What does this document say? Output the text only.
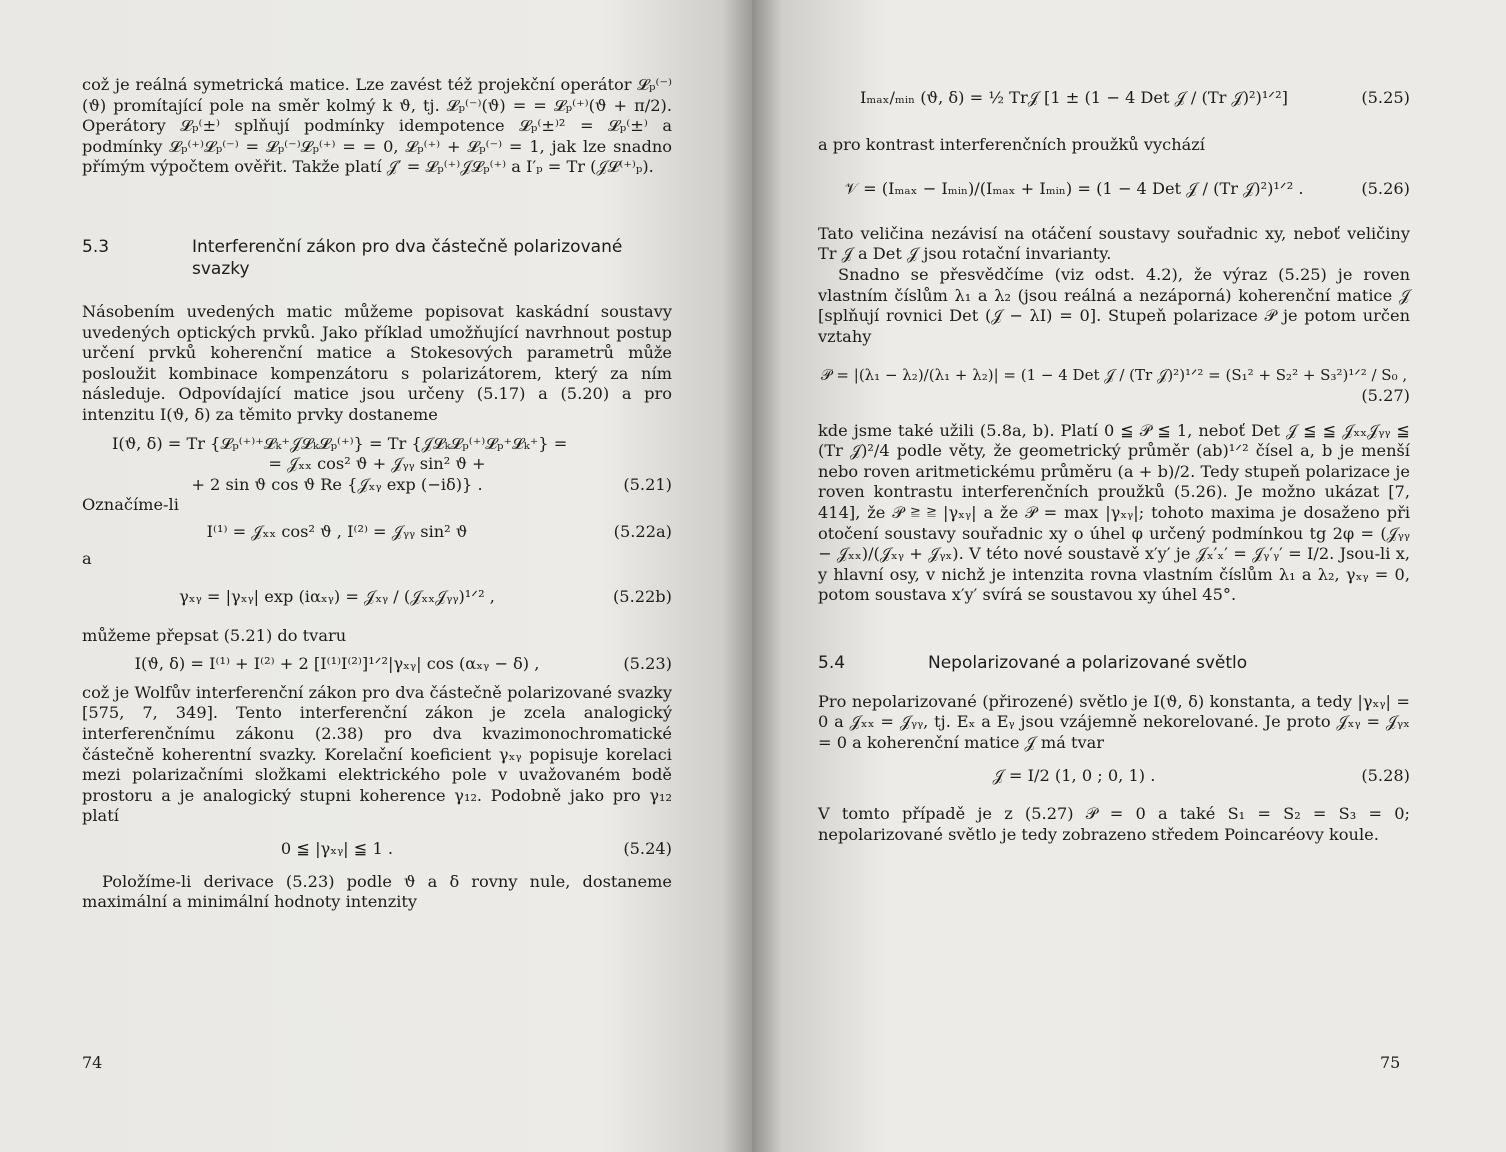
což je reálná symetrická matice. Lze zavést též projekční operátor 𝓛ₚ⁽⁻⁾(ϑ) promítající pole na směr kolmý k ϑ, tj. 𝓛ₚ⁽⁻⁾(ϑ) = = 𝓛ₚ⁽⁺⁾(ϑ + π/2). Operátory 𝓛ₚ⁽±⁾ splňují podmínky idempotence 𝓛ₚ⁽±⁾² = 𝓛ₚ⁽±⁾ a podmínky 𝓛ₚ⁽⁺⁾𝓛ₚ⁽⁻⁾ = 𝓛ₚ⁽⁻⁾𝓛ₚ⁽⁺⁾ = = 0, 𝓛ₚ⁽⁺⁾ + 𝓛ₚ⁽⁻⁾ = 1, jak lze snadno přímým výpočtem ověřit. Takže platí 𝒥′ = 𝓛ₚ⁽⁺⁾𝒥𝓛ₚ⁽⁺⁾ a I′ₚ = Tr (𝒥𝓛⁽⁺⁾ₚ).

5.3	Interferenční zákon pro dva částečně polarizované svazky

Násobením uvedených matic můžeme popisovat kaskádní soustavy uvedených optických prvků. Jako příklad umožňující navrhnout postup určení prvků koherenční matice a Stokesových parametrů může posloužit kombinace kompenzátoru s polarizátorem, který za ním následuje. Odpovídající matice jsou určeny (5.17) a (5.20) a pro intenzitu I(ϑ, δ) za těmito prvky dostaneme

I(ϑ, δ) = Tr {𝓛ₚ⁽⁺⁾⁺𝓛ₖ⁺𝒥𝓛ₖ𝓛ₚ⁽⁺⁾} = Tr {𝒥𝓛ₖ𝓛ₚ⁽⁺⁾𝓛ₚ⁺𝓛ₖ⁺} =
= 𝒥ₓₓ cos² ϑ + 𝒥ᵧᵧ sin² ϑ +
+ 2 sin ϑ cos ϑ Re {𝒥ₓᵧ exp (−iδ)} .	(5.21)

Označíme-li

I⁽¹⁾ = 𝒥ₓₓ cos² ϑ , I⁽²⁾ = 𝒥ᵧᵧ sin² ϑ	(5.22a)

a

γₓᵧ = |γₓᵧ| exp (iαₓᵧ) = 𝒥ₓᵧ / (𝒥ₓₓ𝒥ᵧᵧ)¹ᐟ² ,	(5.22b)

můžeme přepsat (5.21) do tvaru

I(ϑ, δ) = I⁽¹⁾ + I⁽²⁾ + 2 [I⁽¹⁾I⁽²⁾]¹ᐟ²|γₓᵧ| cos (αₓᵧ − δ) ,	(5.23)

což je Wolfův interferenční zákon pro dva částečně polarizované svazky [575, 7, 349]. Tento interferenční zákon je zcela analogický interferenčnímu zákonu (2.38) pro dva kvazimonochromatické částečně koherentní svazky. Korelační koeficient γₓᵧ popisuje korelaci mezi polarizačními složkami elektrického pole v uvažovaném bodě prostoru a je analogický stupni koherence γ₁₂. Podobně jako pro γ₁₂ platí

0 ≦ |γₓᵧ| ≦ 1 .	(5.24)

Položíme-li derivace (5.23) podle ϑ a δ rovny nule, dostaneme maximální a minimální hodnoty intenzity

74
Iₘₐₓ/ₘᵢₙ (ϑ, δ) = ½ Tr𝒥 [1 ± (1 − 4 Det 𝒥 / (Tr 𝒥)²)¹ᐟ²]	(5.25)

a pro kontrast interferenčních proužků vychází

𝒱 = (Iₘₐₓ − Iₘᵢₙ)/(Iₘₐₓ + Iₘᵢₙ) = (1 − 4 Det 𝒥 / (Tr 𝒥)²)¹ᐟ² .	(5.26)

Tato veličina nezávisí na otáčení soustavy souřadnic xy, neboť veličiny Tr 𝒥 a Det 𝒥 jsou rotační invarianty.

Snadno se přesvědčíme (viz odst. 4.2), že výraz (5.25) je roven vlastním číslům λ₁ a λ₂ (jsou reálná a nezáporná) koherenční matice 𝒥 [splňují rovnici Det (𝒥 − λI) = 0]. Stupeň polarizace 𝒫 je potom určen vztahy

𝒫 = |(λ₁ − λ₂)/(λ₁ + λ₂)| = (1 − 4 Det 𝒥 / (Tr 𝒥)²)¹ᐟ² = (S₁² + S₂² + S₃²)¹ᐟ² / S₀ ,
(5.27)

kde jsme také užili (5.8a, b). Platí 0 ≦ 𝒫 ≦ 1, neboť Det 𝒥 ≦ ≦ 𝒥ₓₓ𝒥ᵧᵧ ≦ (Tr 𝒥)²/4 podle věty, že geometrický průměr (ab)¹ᐟ² čísel a, b je menší nebo roven aritmetickému průměru (a + b)/2. Tedy stupeň polarizace je roven kontrastu interferenčních proužků (5.26). Je možno ukázat [7, 414], že 𝒫 ≧ ≧ |γₓᵧ| a že 𝒫 = max |γₓᵧ|; tohoto maxima je dosaženo při otočení soustavy souřadnic xy o úhel φ určený podmínkou tg 2φ = (𝒥ᵧᵧ − 𝒥ₓₓ)/(𝒥ₓᵧ + 𝒥ᵧₓ). V této nové soustavě x′y′ je 𝒥ₓ′ₓ′ = 𝒥ᵧ′ᵧ′ = I/2. Jsou-li x, y hlavní osy, v nichž je intenzita rovna vlastním číslům λ₁ a λ₂, γₓᵧ = 0, potom soustava x′y′ svírá se soustavou xy úhel 45°.

5.4	Nepolarizované a polarizované světlo

Pro nepolarizované (přirozené) světlo je I(ϑ, δ) konstanta, a tedy |γₓᵧ| = 0 a 𝒥ₓₓ = 𝒥ᵧᵧ, tj. Eₓ a Eᵧ jsou vzájemně nekorelované. Je proto 𝒥ₓᵧ = 𝒥ᵧₓ = 0 a koherenční matice 𝒥 má tvar

𝒥 = I/2 (1, 0 ; 0, 1) .	(5.28)

V tomto případě je z (5.27) 𝒫 = 0 a také S₁ = S₂ = S₃ = 0; nepolarizované světlo je tedy zobrazeno středem Poincaréovy koule.

75
